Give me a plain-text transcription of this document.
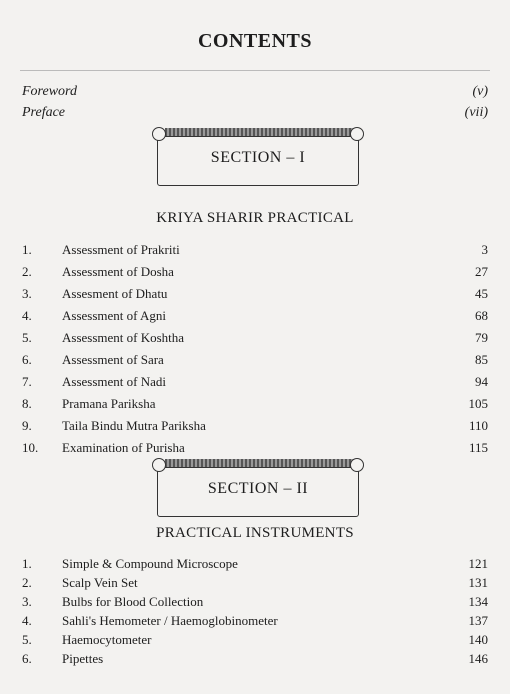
CONTENTS
Foreword	(v)
Preface	(vii)
SECTION – I
KRIYA SHARIR PRACTICAL
1. Assessment of Prakriti	3
2. Assessment of Dosha	27
3. Assesment of Dhatu	45
4. Assessment of Agni	68
5. Assessment of Koshtha	79
6. Assessment of Sara	85
7. Assessment of Nadi	94
8. Pramana Pariksha	105
9. Taila Bindu Mutra Pariksha	110
10. Examination of Purisha	115
SECTION – II
PRACTICAL INSTRUMENTS
1. Simple & Compound Microscope	121
2. Scalp Vein Set	131
3. Bulbs for Blood Collection	134
4. Sahli's Hemometer / Haemoglobinometer	137
5. Haemocytometer	140
6. Pipettes	146
